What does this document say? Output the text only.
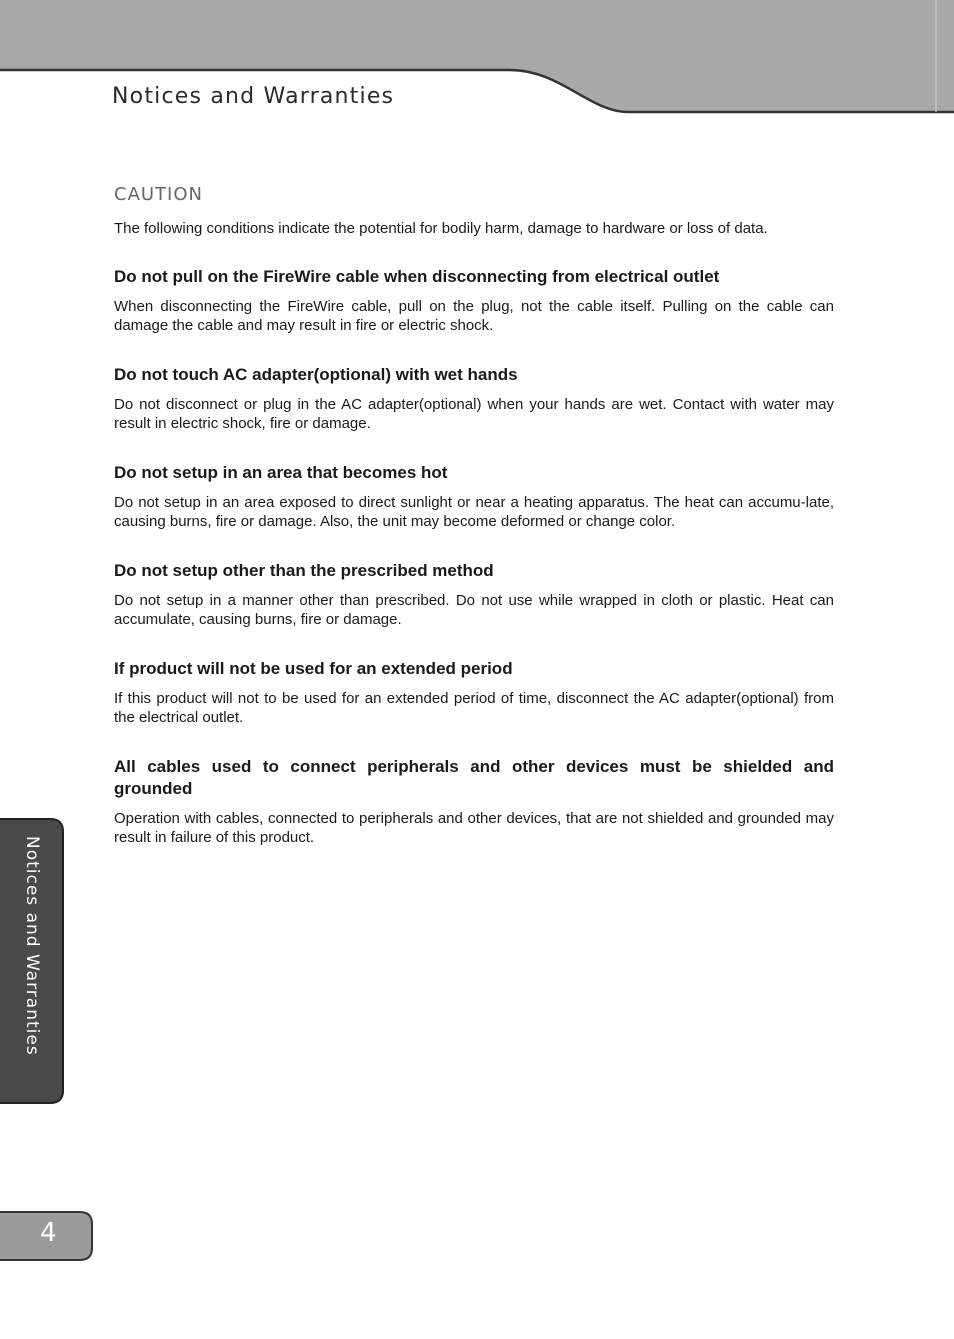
Notices and Warranties
CAUTION

The following conditions indicate the potential for bodily harm, damage to hardware or loss of data.

Do not pull on the FireWire cable when disconnecting from electrical outlet

When disconnecting the FireWire cable, pull on the plug, not the cable itself. Pulling on the cable can damage the cable and may result in fire or electric shock.

Do not touch AC adapter(optional) with wet hands

Do not disconnect or plug in the AC adapter(optional) when your hands are wet. Contact with water may result in electric shock, fire or damage.

Do not setup in an area that becomes hot

Do not setup in an area exposed to direct sunlight or near a heating apparatus. The heat can accumu-late, causing burns, fire or damage. Also, the unit may become deformed or change color.

Do not setup other than the prescribed method

Do not setup in a manner other than prescribed. Do not use while wrapped in cloth or plastic. Heat can accumulate, causing burns, fire or damage.

If product will not be used for an extended period

If this product will not to be used for an extended period of time, disconnect the AC adapter(optional) from the electrical outlet.

All cables used to connect peripherals and other devices must be shielded and grounded

Operation with cables, connected to peripherals and other devices, that are not shielded and grounded may result in failure of this product.

Notices and Warranties
4
